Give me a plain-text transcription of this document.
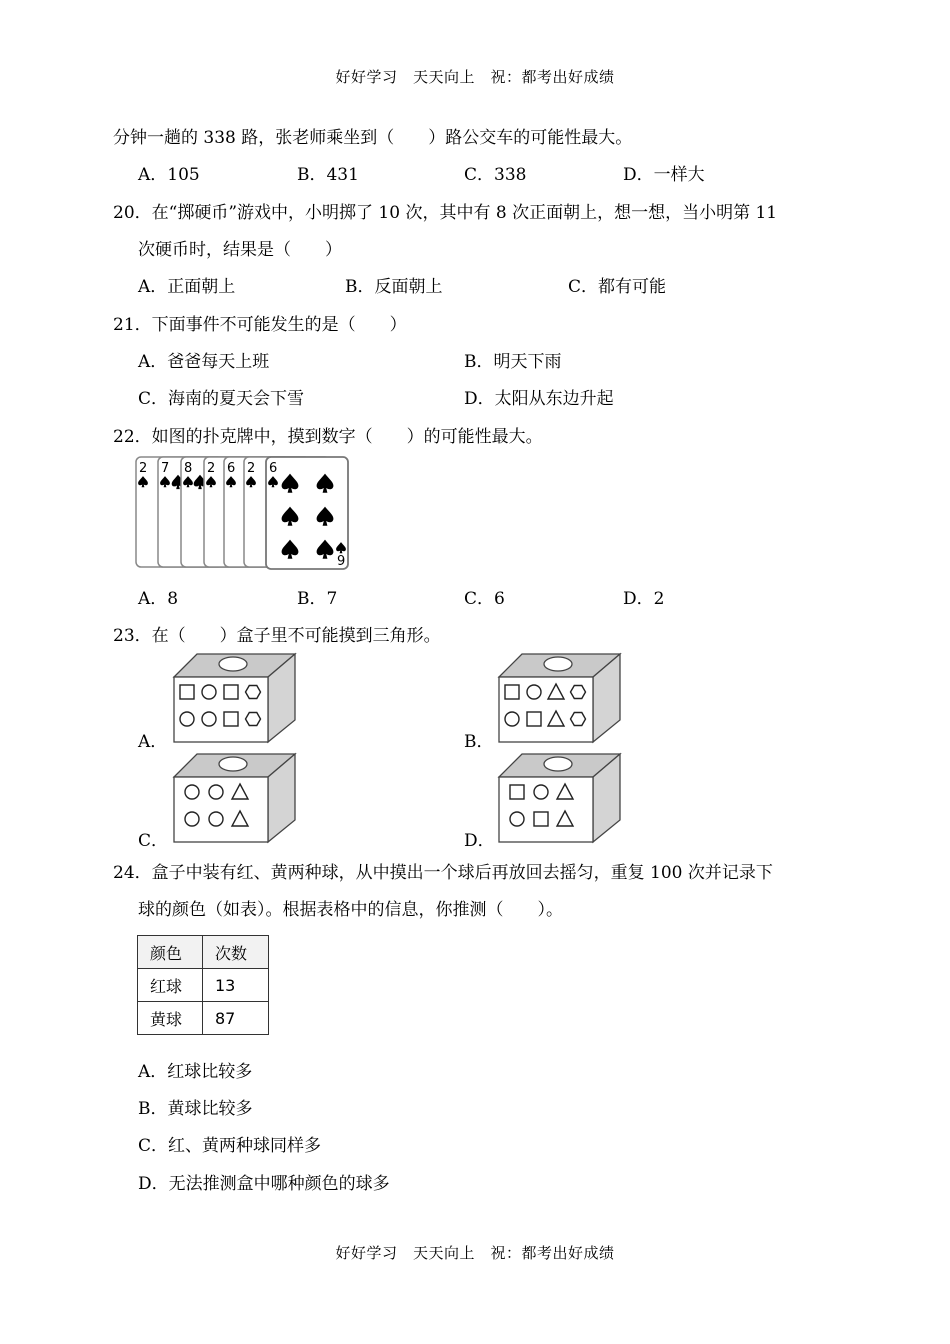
好好学习　天天向上　祝：都考出好成绩
分钟一趟的 338 路，张老师乘坐到（　　）路公交车的可能性最大。
A．105	B．431	C．338	D．一样大
20．在“掷硬币”游戏中，小明掷了 10 次，其中有 8 次正面朝上，想一想，当小明第 11
次硬币时，结果是（　　）
A．正面朝上	B．反面朝上	C．都有可能
21．下面事件不可能发生的是（　　）
A．爸爸每天上班	B．明天下雨
C．海南的夏天会下雪	D．太阳从东边升起
22．如图的扑克牌中，摸到数字（　　）的可能性最大。
2 7 8 2 6 2 6
9
A．8	B．7	C．6	D．2
23．在（　　）盒子里不可能摸到三角形。
A．	B．
C．	D．
24．盒子中装有红、黄两种球，从中摸出一个球后再放回去摇匀，重复 100 次并记录下
球的颜色（如表）。根据表格中的信息，你推测（　　）。
颜色	次数
红球	13
黄球	87
A．红球比较多
B．黄球比较多
C．红、黄两种球同样多
D．无法推测盒中哪种颜色的球多
好好学习　天天向上　祝：都考出好成绩
